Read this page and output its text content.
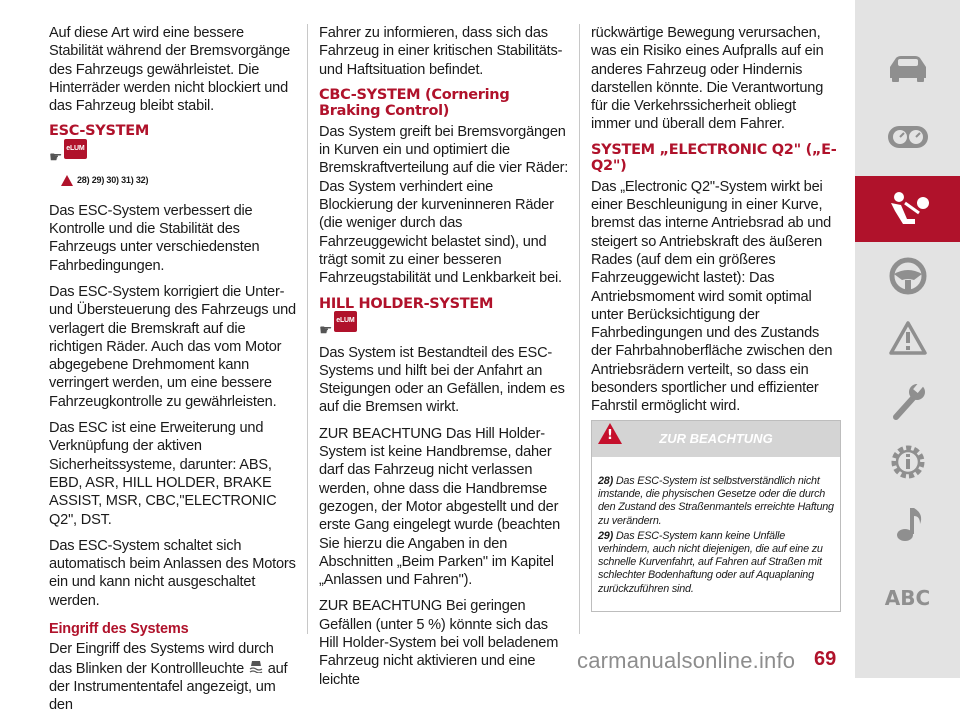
Auf diese Art wird eine bessere Stabilität während der Bremsvorgänge des Fahrzeugs gewährleistet. Die Hinterräder werden nicht blockiert und das Fahrzeug bleibt stabil.

ESC-SYSTEM
☛
eLUM
28) 29) 30) 31) 32)

Das ESC-System verbessert die Kontrolle und die Stabilität des Fahrzeugs unter verschiedensten Fahrbedingungen.

Das ESC-System korrigiert die Unter- und Übersteuerung des Fahrzeugs und verlagert die Bremskraft auf die richtigen Räder. Auch das vom Motor abgegebene Drehmoment kann verringert werden, um eine bessere Fahrzeugkontrolle zu gewährleisten.

Das ESC ist eine Erweiterung und Verknüpfung der aktiven Sicherheitssysteme, darunter: ABS, EBD, ASR, HILL HOLDER, BRAKE ASSIST, MSR, CBC,"ELECTRONIC Q2", DST.

Das ESC-System schaltet sich automatisch beim Anlassen des Motors ein und kann nicht ausgeschaltet werden.

Eingriff des Systems

Der Eingriff des Systems wird durch das Blinken der Kontrollleuchte auf der Instrumententafel angezeigt, um den

Fahrer zu informieren, dass sich das Fahrzeug in einer kritischen Stabilitäts- und Haftsituation befindet.

CBC-SYSTEM (Cornering Braking Control)

Das System greift bei Bremsvorgängen in Kurven ein und optimiert die Bremskraftverteilung auf die vier Räder: Das System verhindert eine Blockierung der kurveninneren Räder (die weniger durch das Fahrzeuggewicht belastet sind), und trägt somit zu einer besseren Fahrzeugstabilität und Lenkbarkeit bei.

HILL HOLDER-SYSTEM
☛
eLUM

Das System ist Bestandteil des ESC-Systems und hilft bei der Anfahrt an Steigungen oder an Gefällen, indem es auf die Bremsen wirkt.

ZUR BEACHTUNG Das Hill Holder-System ist keine Handbremse, daher darf das Fahrzeug nicht verlassen werden, ohne dass die Handbremse gezogen, der Motor abgestellt und der erste Gang eingelegt wurde (beachten Sie hierzu die Angaben in den Abschnitten „Beim Parken" im Kapitel „Anlassen und Fahren").

ZUR BEACHTUNG Bei geringen Gefällen (unter 5 %) könnte sich das Hill Holder-System bei voll beladenem Fahrzeug nicht aktivieren und eine leichte

rückwärtige Bewegung verursachen, was ein Risiko eines Aufpralls auf ein anderes Fahrzeug oder Hindernis darstellen könnte. Die Verantwortung für die Verkehrssicherheit obliegt immer und überall dem Fahrer.

SYSTEM „ELECTRONIC Q2" („E-Q2")

Das „Electronic Q2"-System wirkt bei einer Beschleunigung in einer Kurve, bremst das interne Antriebsrad ab und steigert so Antriebskraft des äußeren Rades (auf dem ein größeres Fahrzeuggewicht lastet): Das Antriebsmoment wird somit optimal unter Berücksichtigung der Fahrbedingungen und des Zustands der Fahrbahnoberfläche zwischen den Antriebsrädern verteilt, so dass ein besonders sportlicher und effizienter Fahrstil ermöglicht wird.

!
ZUR BEACHTUNG

28) Das ESC-System ist selbstverständlich nicht imstande, die physischen Gesetze oder die durch den Zustand des Straßenmantels erreichte Haftung zu verändern.

29) Das ESC-System kann keine Unfälle verhindern, auch nicht diejenigen, die auf eine zu schnelle Kurvenfahrt, auf Fahren auf Straßen mit schlechter Bodenhaftung oder auf Aquaplaning zurückzuführen sind.	ABC
carmanualsonline.info 69
